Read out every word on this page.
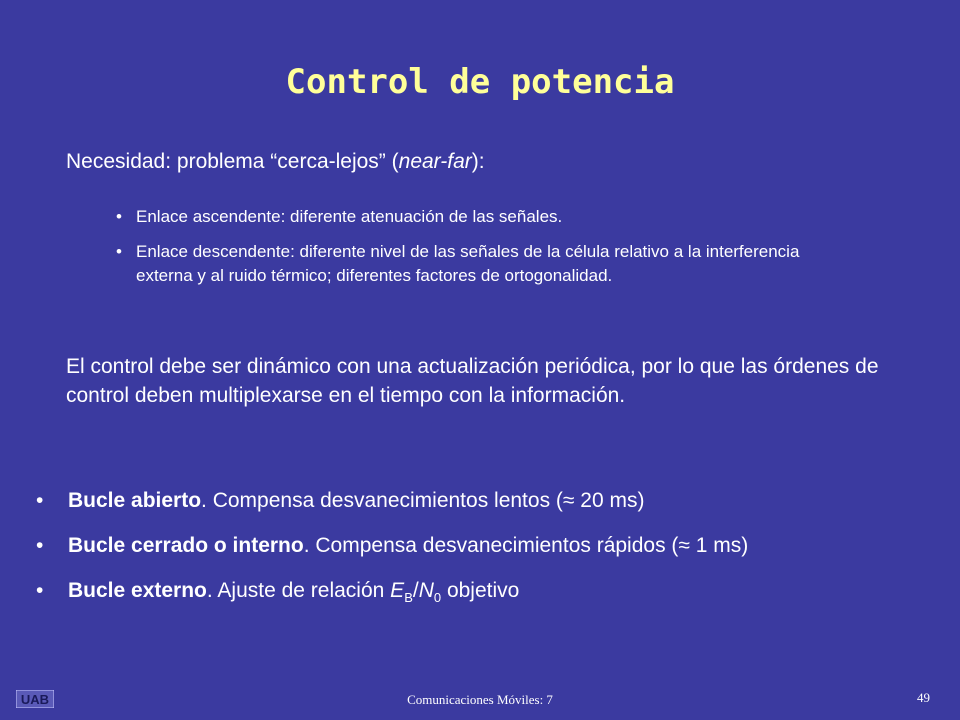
Control de potencia
Necesidad: problema “cerca-lejos” (near-far):
• Enlace ascendente: diferente atenuación de las señales.
• Enlace descendente: diferente nivel de las señales de la célula relativo a la interferencia externa y al ruido térmico; diferentes factores de ortogonalidad.
El control debe ser dinámico con una actualización periódica, por lo que las órdenes de control deben multiplexarse en el tiempo con la información.
• Bucle abierto. Compensa desvanecimientos lentos (≈ 20 ms)
• Bucle cerrado o interno. Compensa desvanecimientos rápidos (≈ 1 ms)
• Bucle externo. Ajuste de relación $E_B/N_0$ objetivo
UAB	Comunicaciones Móviles: 7	49
